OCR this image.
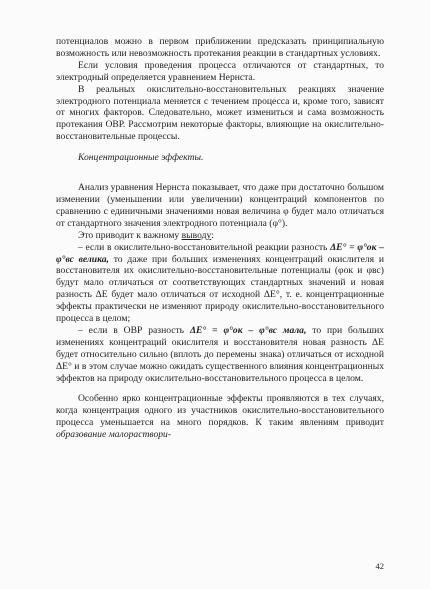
потенциалов можно в первом приближении предсказать принципиальную возможность или невозможность протекания реакции в стандартных условиях.

Если условия проведения процесса отличаются от стандартных, то электродный определяется уравнением Нернста.

В реальных окислительно-восстановительных реакциях значение электродного потенциала меняется с течением процесса и, кроме того, зависят от многих факторов. Следовательно, может измениться и сама возможность протекания ОВР. Рассмотрим некоторые факторы, влияющие на окислительно-восстановительные процессы.

Концентрационные эффекты.

Анализ уравнения Нернста показывает, что даже при достаточно большом изменении (уменьшении или увеличении) концентраций компонентов по сравнению с единичными значениями новая величина φ будет мало отличаться от стандартного значения электродного потенциала (φ°).

Это приводит к важному выводу:

– если в окислительно-восстановительной реакции разность ΔE° = φ°ок – φ°вс велика, то даже при больших изменениях концентраций окислителя и восстановителя их окислительно-восстановительные потенциалы (φок и φвс) будут мало отличаться от соответствующих стандартных значений и новая разность ΔE будет мало отличаться от исходной ΔE°, т. е. концентрационные эффекты практически не изменяют природу окислительно-восстановительного процесса в целом;

– если в ОВР разность ΔE° = φ°ок – φ°вс мала, то при больших изменениях концентраций окислителя и восстановителя новая разность ΔE будет относительно сильно (вплоть до перемены знака) отличаться от исходной ΔE° и в этом случае можно ожидать существенного влияния концентрационных эффектов на природу окислительно-восстановительного процесса в целом.

Особенно ярко концентрационные эффекты проявляются в тех случаях, когда концентрация одного из участников окислительно-восстановительного процесса уменьшается на много порядков. К таким явлениям приводит образование малораствори-

42
